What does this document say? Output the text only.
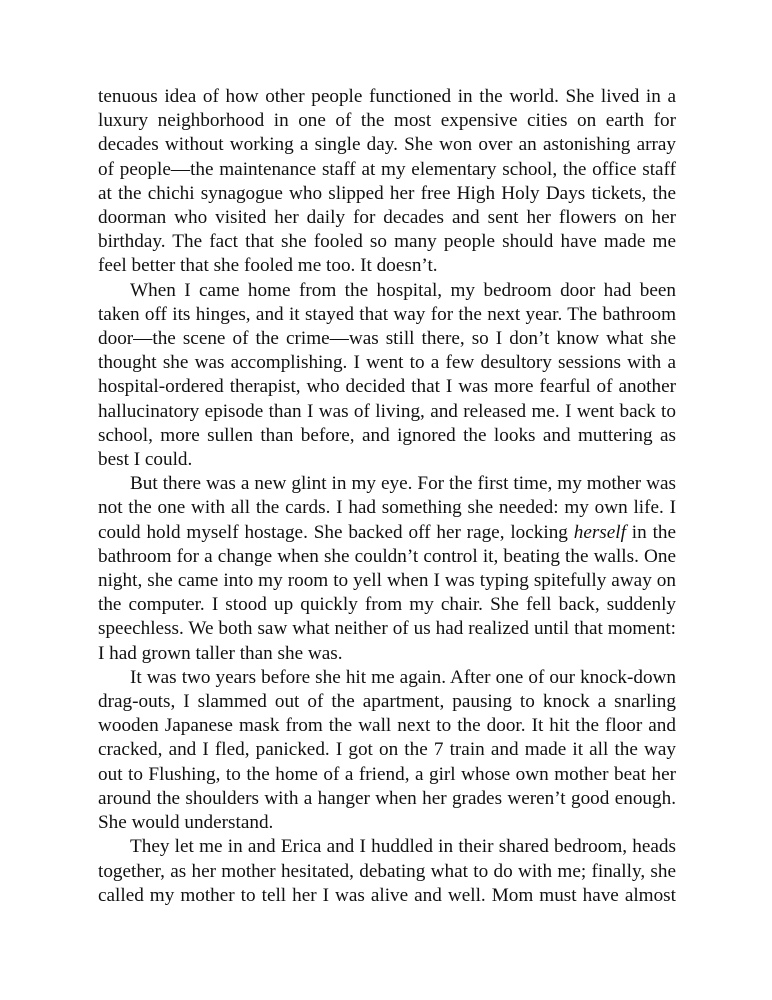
tenuous idea of how other people functioned in the world. She lived in a luxury neighborhood in one of the most expensive cities on earth for decades without working a single day. She won over an astonishing array of people—the maintenance staff at my elementary school, the office staff at the chichi synagogue who slipped her free High Holy Days tickets, the doorman who visited her daily for decades and sent her flowers on her birthday. The fact that she fooled so many people should have made me feel better that she fooled me too. It doesn’t.

When I came home from the hospital, my bedroom door had been taken off its hinges, and it stayed that way for the next year. The bathroom door—the scene of the crime—was still there, so I don’t know what she thought she was accomplishing. I went to a few desultory sessions with a hospital-ordered therapist, who decided that I was more fearful of another hallucinatory episode than I was of living, and released me. I went back to school, more sullen than before, and ignored the looks and muttering as best I could.

But there was a new glint in my eye. For the first time, my mother was not the one with all the cards. I had something she needed: my own life. I could hold myself hostage. She backed off her rage, locking herself in the bathroom for a change when she couldn’t control it, beating the walls. One night, she came into my room to yell when I was typing spitefully away on the computer. I stood up quickly from my chair. She fell back, suddenly speechless. We both saw what neither of us had realized until that moment: I had grown taller than she was.

It was two years before she hit me again. After one of our knock-down drag-outs, I slammed out of the apartment, pausing to knock a snarling wooden Japanese mask from the wall next to the door. It hit the floor and cracked, and I fled, panicked. I got on the 7 train and made it all the way out to Flushing, to the home of a friend, a girl whose own mother beat her around the shoulders with a hanger when her grades weren’t good enough. She would understand.

They let me in and Erica and I huddled in their shared bedroom, heads together, as her mother hesitated, debating what to do with me; finally, she called my mother to tell her I was alive and well. Mom must have almost
